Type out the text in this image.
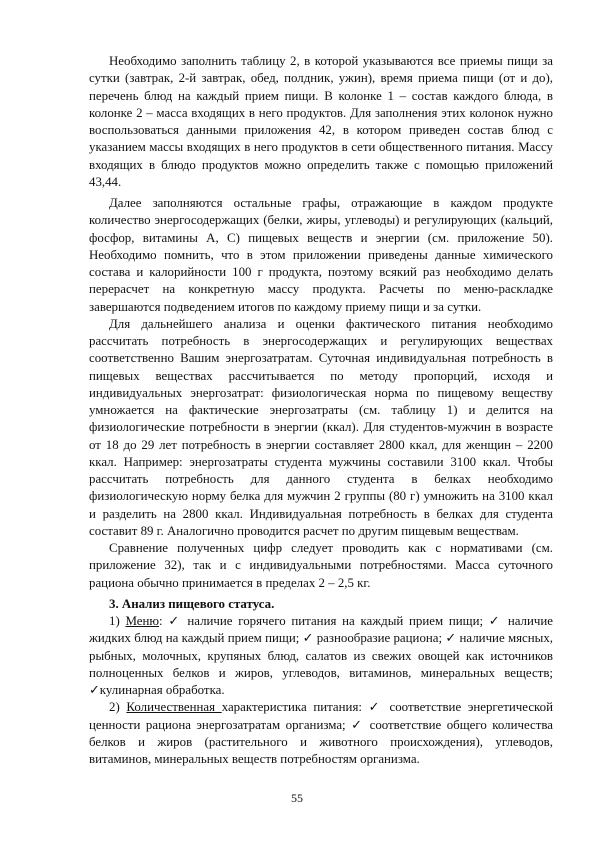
Необходимо заполнить таблицу 2, в которой указываются все приемы пищи за сутки (завтрак, 2-й завтрак, обед, полдник, ужин), время приема пищи (от и до), перечень блюд на каждый прием пищи. В колонке 1 – состав каждого блюда, в колонке 2 – масса входящих в него продуктов. Для заполнения этих колонок нужно воспользоваться данными приложения 42, в котором приведен состав блюд с указанием массы входящих в него продуктов в сети общественного питания. Массу входящих в блюдо продуктов можно определить также с помощью приложений 43,44.

Далее заполняются остальные графы, отражающие в каждом продукте количество энергосодержащих (белки, жиры, углеводы) и регулирующих (кальций, фосфор, витамины А, С) пищевых веществ и энергии (см. приложение 50). Необходимо помнить, что в этом приложении приведены данные химического состава и калорийности 100 г продукта, поэтому всякий раз необходимо делать перерасчет на конкретную массу продукта. Расчеты по меню-раскладке завершаются подведением итогов по каждому приему пищи и за сутки.

Для дальнейшего анализа и оценки фактического питания необходимо рассчитать потребность в энергосодержащих и регулирующих веществах соответственно Вашим энергозатратам. Суточная индивидуальная потребность в пищевых веществах рассчитывается по методу пропорций, исходя и индивидуальных энергозатрат: физиологическая норма по пищевому веществу умножается на фактические энергозатраты (см. таблицу 1) и делится на физиологические потребности в энергии (ккал). Для студентов-мужчин в возрасте от 18 до 29 лет потребность в энергии составляет 2800 ккал, для женщин – 2200 ккал. Например: энергозатраты студента мужчины составили 3100 ккал. Чтобы рассчитать потребность для данного студента в белках необходимо физиологическую норму белка для мужчин 2 группы (80 г) умножить на 3100 ккал и разделить на 2800 ккал. Индивидуальная потребность в белках для студента составит 89 г. Аналогично проводится расчет по другим пищевым веществам.

Сравнение полученных цифр следует проводить как с нормативами (см. приложение 32), так и с индивидуальными потребностями. Масса суточного рациона обычно принимается в пределах 2 – 2,5 кг.

3. Анализ пищевого статуса.

1) Меню: ✓ наличие горячего питания на каждый прием пищи; ✓ наличие жидких блюд на каждый прием пищи; ✓ разнообразие рациона; ✓ наличие мясных, рыбных, молочных, крупяных блюд, салатов из свежих овощей как источников полноценных белков и жиров, углеводов, витаминов, минеральных веществ; ✓кулинарная обработка.

2) Количественная характеристика питания: ✓ соответствие энергетической ценности рациона энергозатратам организма; ✓ соответствие общего количества белков и жиров (растительного и животного происхождения), углеводов, витаминов, минеральных веществ потребностям организма.

55
